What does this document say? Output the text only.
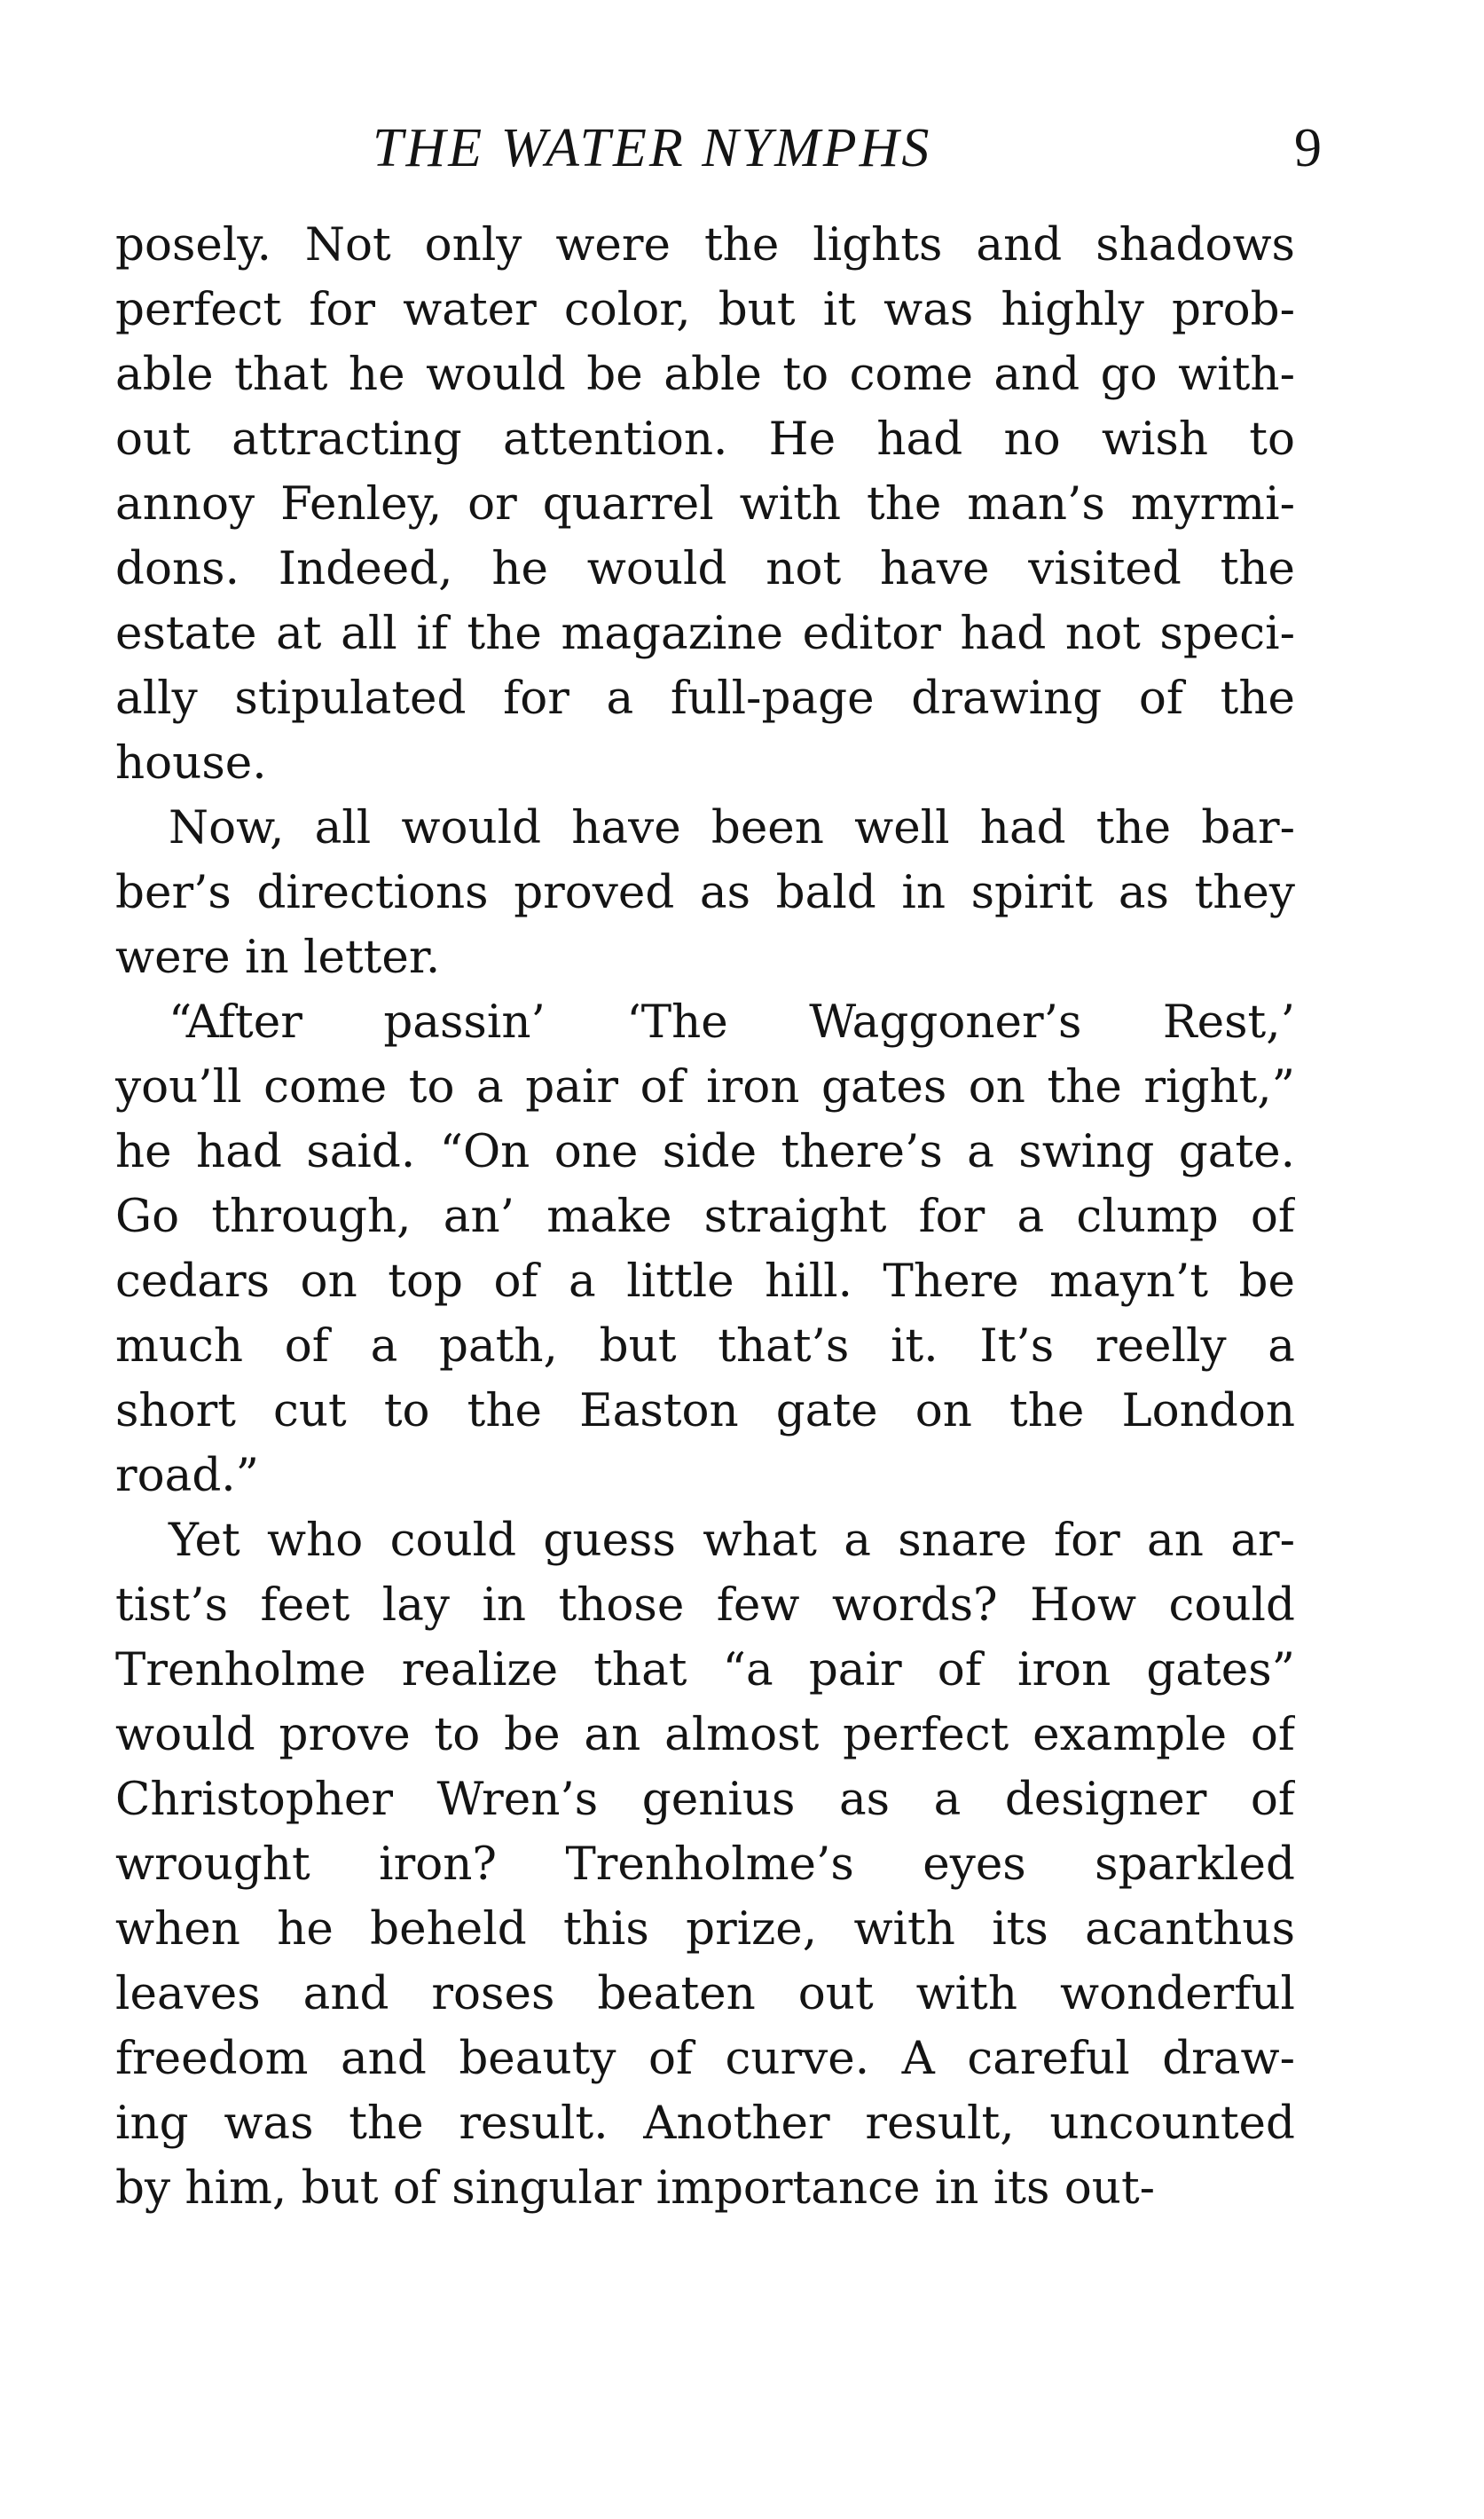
THE WATER NYMPHS	9
posely. Not only were the lights and shadows
perfect for water color, but it was highly prob-
able that he would be able to come and go with-
out attracting attention. He had no wish to
annoy Fenley, or quarrel with the man’s myrmi-
dons. Indeed, he would not have visited the
estate at all if the magazine editor had not speci-
ally stipulated for a full-page drawing of the
house.
Now, all would have been well had the bar-
ber’s directions proved as bald in spirit as they
were in letter.
“After passin’ ‘The Waggoner’s Rest,’
you’ll come to a pair of iron gates on the right,”
he had said. “On one side there’s a swing gate.
Go through, an’ make straight for a clump of
cedars on top of a little hill. There mayn’t be
much of a path, but that’s it. It’s reelly a
short cut to the Easton gate on the London
road.”
Yet who could guess what a snare for an ar-
tist’s feet lay in those few words? How could
Trenholme realize that “a pair of iron gates”
would prove to be an almost perfect example of
Christopher Wren’s genius as a designer of
wrought iron? Trenholme’s eyes sparkled
when he beheld this prize, with its acanthus
leaves and roses beaten out with wonderful
freedom and beauty of curve. A careful draw-
ing was the result. Another result, uncounted
by him, but of singular importance in its out-
